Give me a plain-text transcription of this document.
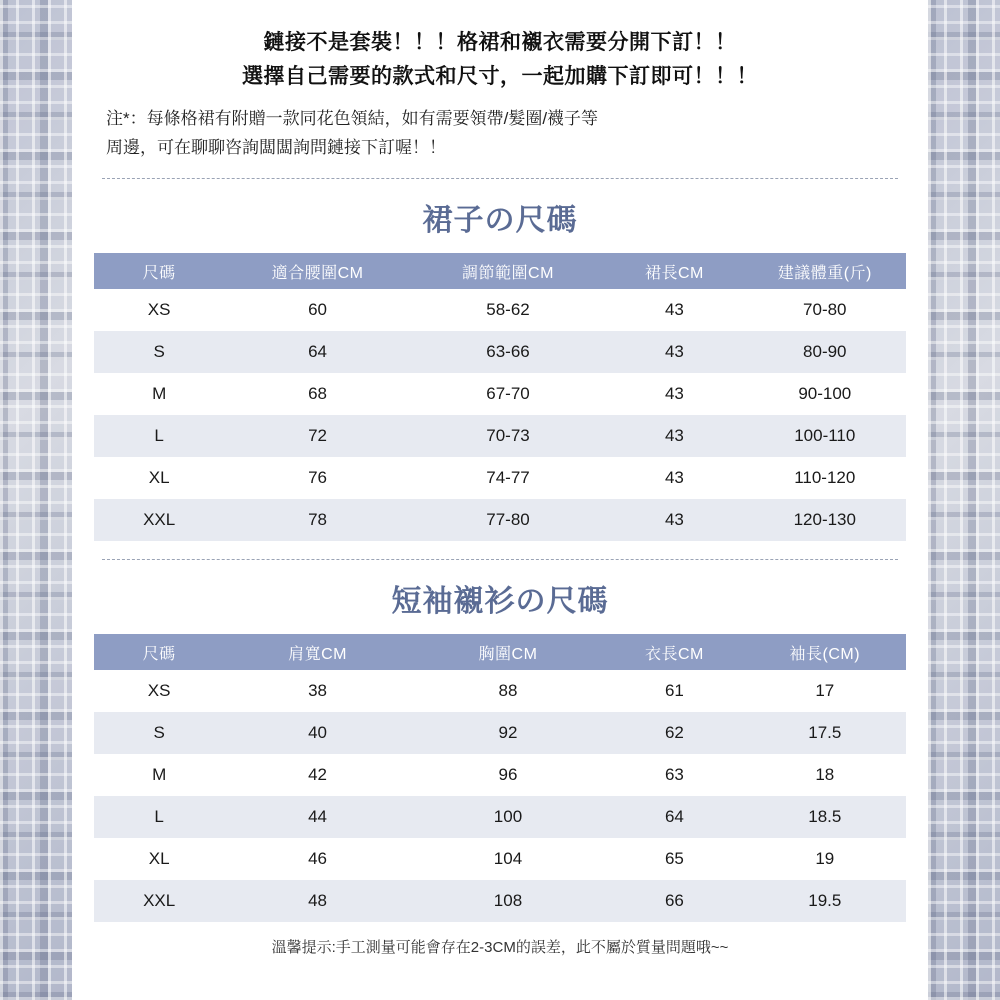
鏈接不是套裝！！！格裙和襯衣需要分開下訂！！
選擇自己需要的款式和尺寸，一起加購下訂即可！！！
注*：每條格裙有附贈一款同花色領結，如有需要領帶/髮圈/襪子等
周邊，可在聊聊咨詢闆闆詢問鏈接下訂喔！！
裙子の尺碼
尺碼	適合腰圍CM	調節範圍CM	裙長CM	建議體重(斤)
XS	60	58-62	43	70-80
S	64	63-66	43	80-90
M	68	67-70	43	90-100
L	72	70-73	43	100-110
XL	76	74-77	43	110-120
XXL	78	77-80	43	120-130
短袖襯衫の尺碼
尺碼	肩寬CM	胸圍CM	衣長CM	袖長(CM)
XS	38	88	61	17
S	40	92	62	17.5
M	42	96	63	18
L	44	100	64	18.5
XL	46	104	65	19
XXL	48	108	66	19.5
溫馨提示:手工測量可能會存在2-3CM的誤差，此不屬於質量問題哦~~
